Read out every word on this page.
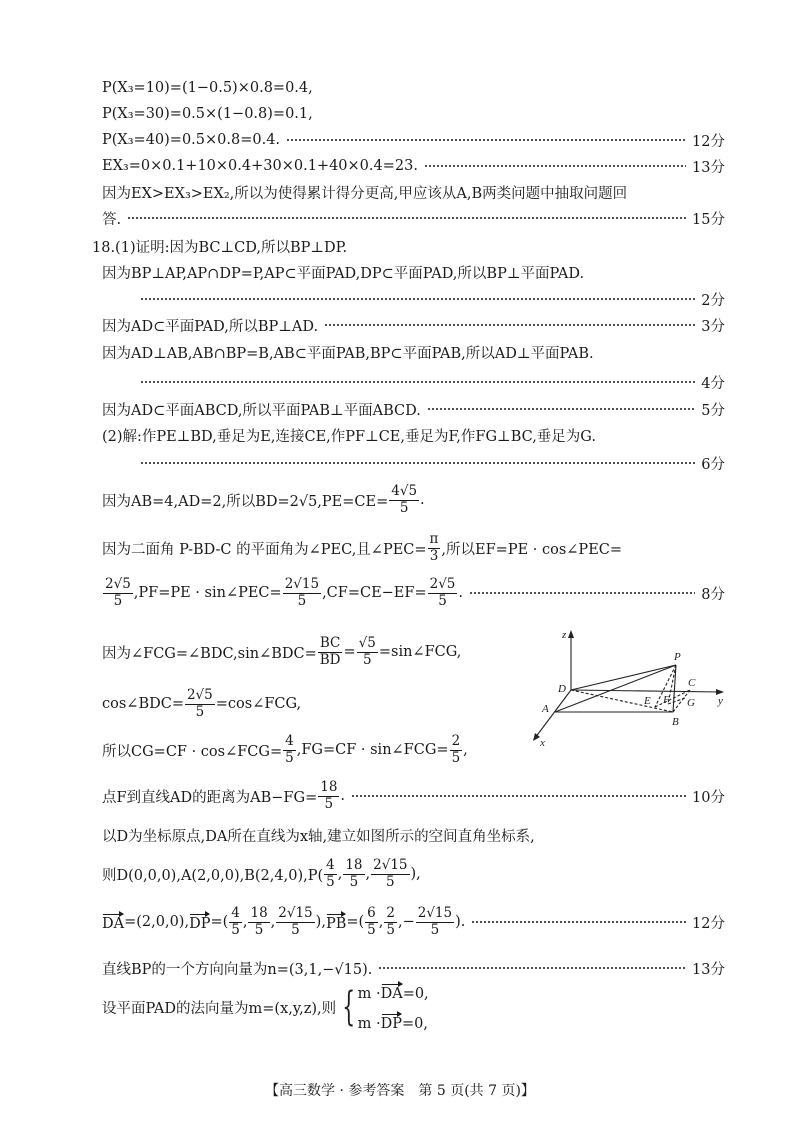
P(X₃=10)=(1−0.5)×0.8=0.4,
P(X₃=30)=0.5×(1−0.8)=0.1,
P(X₃=40)=0.5×0.8=0.4.	12分
EX₃=0×0.1+10×0.4+30×0.1+40×0.4=23.	13分
因为EX>EX₃>EX₂,所以为使得累计得分更高,甲应该从A,B两类问题中抽取问题回
答.	15分
18.(1)证明:因为BC⊥CD,所以BP⊥DP.
因为BP⊥AP,AP∩DP=P,AP⊂平面PAD,DP⊂平面PAD,所以BP⊥平面PAD.
2分
因为AD⊂平面PAD,所以BP⊥AD.	3分
因为AD⊥AB,AB∩BP=B,AB⊂平面PAB,BP⊂平面PAB,所以AD⊥平面PAB.
4分
因为AD⊂平面ABCD,所以平面PAB⊥平面ABCD.	5分
(2)解:作PE⊥BD,垂足为E,连接CE,作PF⊥CE,垂足为F,作FG⊥BC,垂足为G.
6分
因为AB=4,AD=2,所以$BD=2√5,PE=CE= \frac{4√5}{5}$ .
因为二面角 P-BD-C 的平面角为∠PEC,且∠PEC= $\frac{\pi}{3}$ ,所以EF=PE · cos∠PEC=
$\frac{2√5}{5} ,PF=PE$ · sin∠PEC= $\frac{2√15}{5} ,CF=CE-EF= \frac{2√5}{5}$ .	8分
因为∠FCG=∠BDC,sin∠BDC= $\frac{BC}{BD} = \frac{√5}{5}$ =sin∠FCG,
cos∠BDC= $\frac{2√5}{5}$ =cos∠FCG,
所以CG=CF · cos∠FCG= $\frac{4}{5} ,FG=CF$ · sin∠FCG= $\frac{2}{5}$ ,
点F到直线AD的距离为$AB-FG= \frac{18}{5}$ .	10分
以D为坐标原点,DA所在直线为x轴,建立如图所示的空间直角坐标系,
则$D(0,0,0),A(2,0,0),B(2,4,0),P( \frac{4}{5}$ , $\frac{18}{5}$ , $\frac{2√15}{5}$ ),
DA =(2,0,0), DP =( $\frac{4}{5}$ , $\frac{18}{5}$ , $\frac{2√15}{5}$ ), PB =( $\frac{6}{5}$ , $\frac{2}{5}$ ,− $\frac{2√15}{5}$ ).	12分
直线BP的一个方向向量为n=(3,1,−√15).	13分
设平面PAD的法向量为m=(x,y,z),则 { m ·DA=0,
m ·DP=0,
z
P
D	C
y
E F G
A
B
x
【高三数学 · 参考答案　第 5 页(共 7 页)】
